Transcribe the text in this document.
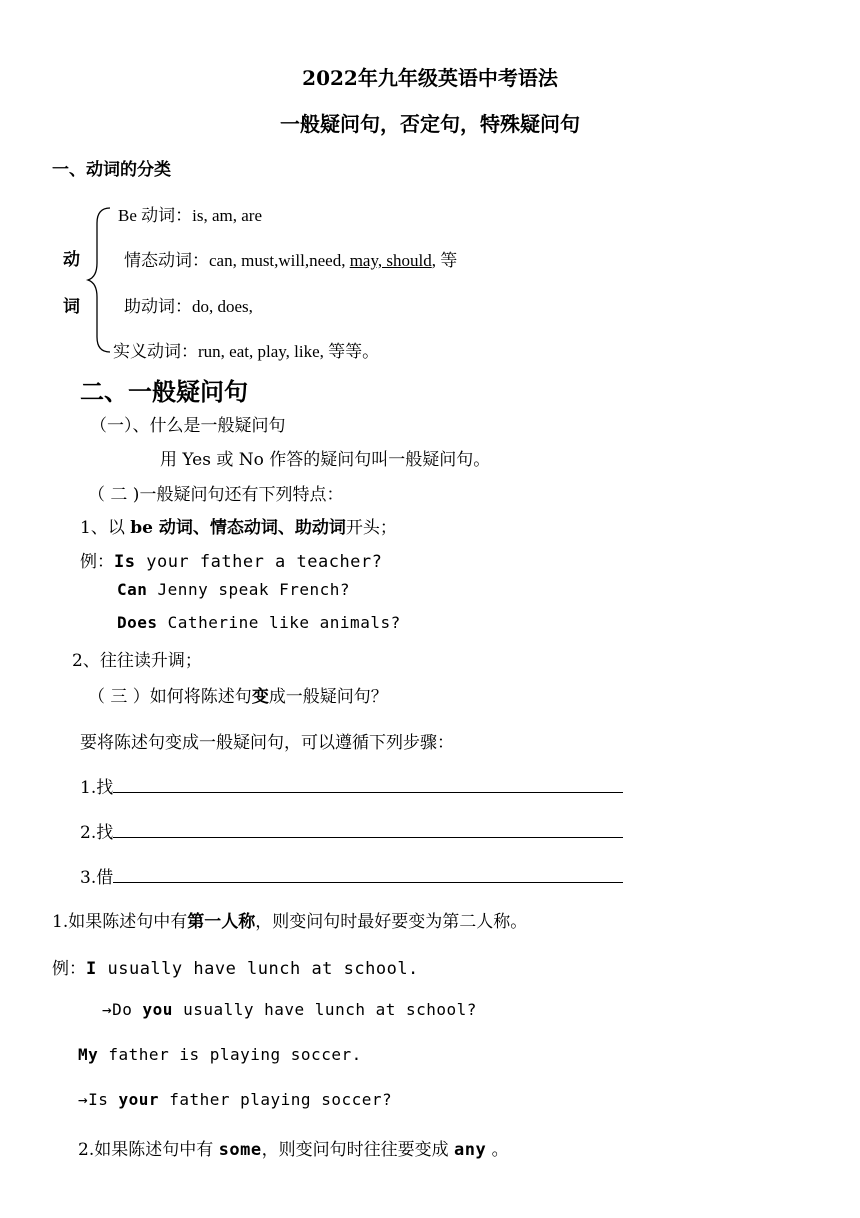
2022年九年级英语中考语法
一般疑问句，否定句，特殊疑问句
一、动词的分类
动
词
Be 动词：is, am, are
情态动词：can, must,will,need, may, should, 等
助动词：do, does,
实义动词：run, eat, play, like, 等等。
二、一般疑问句
（一）、什么是一般疑问句
用 Yes 或 No 作答的疑问句叫一般疑问句。
（ 二 )一般疑问句还有下列特点：
1、以 be 动词、情态动词、助动词开头；
例：Is your father a teacher?
Can Jenny speak French?
Does Catherine like animals?
2、往往读升调；
（ 三 ）如何将陈述句变成一般疑问句？
要将陈述句变成一般疑问句，可以遵循下列步骤：
1.找
2.找
3.借
1.如果陈述句中有第一人称，则变问句时最好要变为第二人称。
例：I usually have lunch at school.
→Do you usually have lunch at school?
My father is playing soccer.
→Is your father playing soccer?
2.如果陈述句中有 some，则变问句时往往要变成 any 。
